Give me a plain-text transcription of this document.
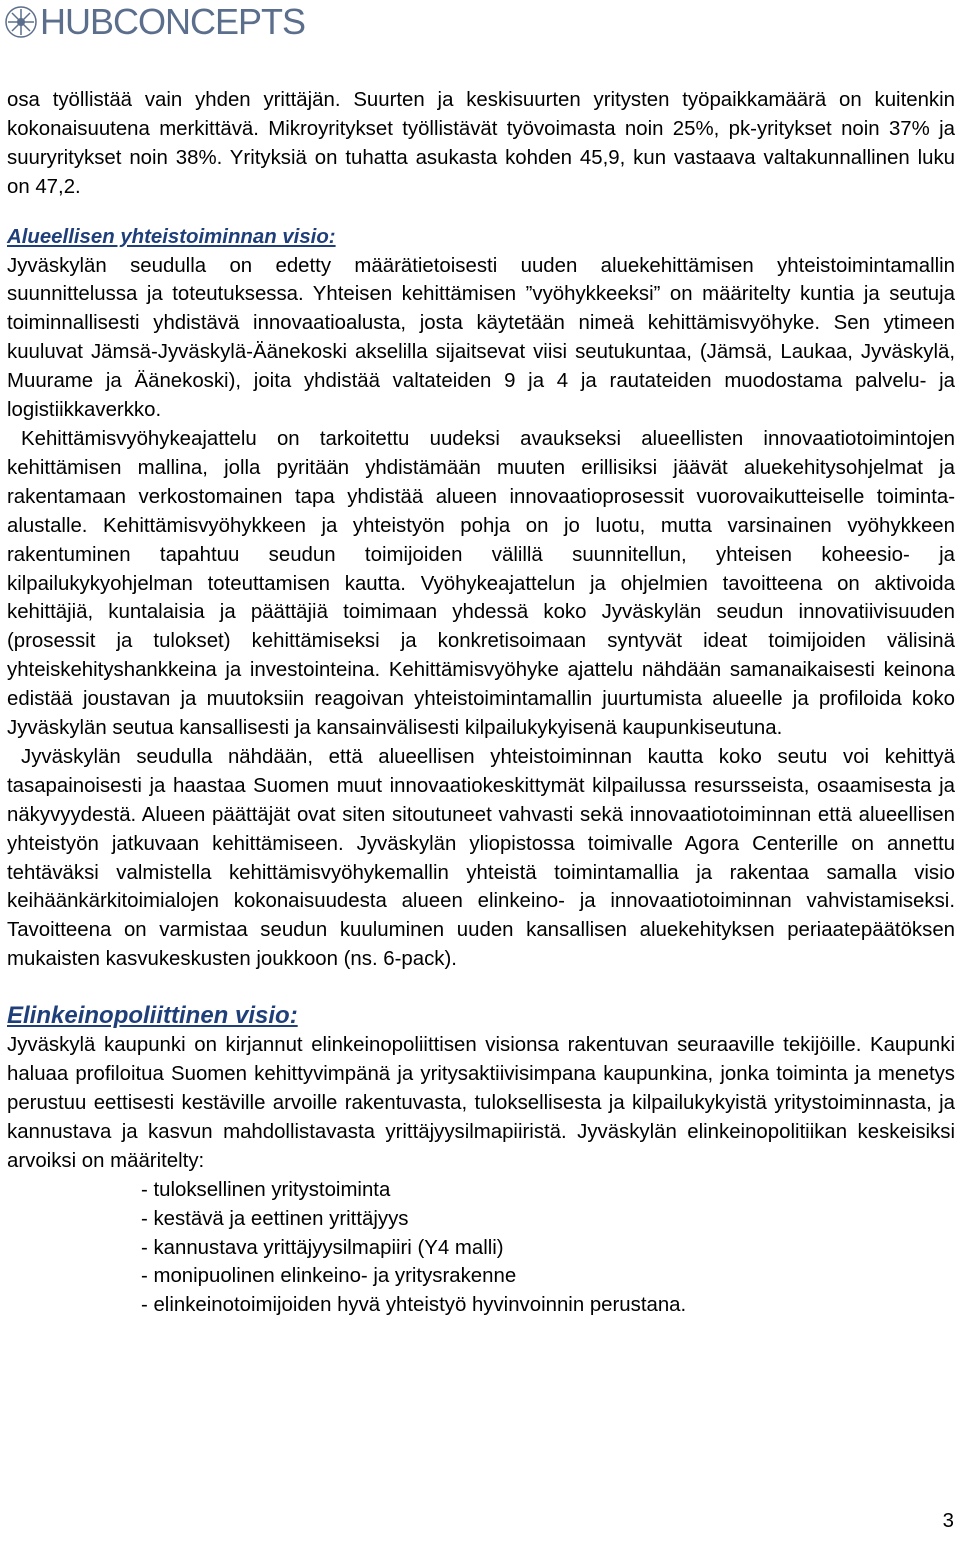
HUBCONCEPTS

osa työllistää vain yhden yrittäjän. Suurten ja keskisuurten yritysten työpaikkamäärä on kuitenkin kokonaisuutena merkittävä. Mikroyritykset työllistävät työvoimasta noin 25%, pk-yritykset noin 37% ja suuryritykset noin 38%. Yrityksiä on tuhatta asukasta kohden 45,9, kun vastaava valtakunnallinen luku on 47,2.

Alueellisen yhteistoiminnan visio:

Jyväskylän seudulla on edetty määrätietoisesti uuden aluekehittämisen yhteistoimintamallin suunnittelussa ja toteutuksessa. Yhteisen kehittämisen ”vyöhykkeeksi” on määritelty kuntia ja seutuja toiminnallisesti yhdistävä innovaatioalusta, josta käytetään nimeä kehittämisvyöhyke. Sen ytimeen kuuluvat Jämsä-Jyväskylä-Äänekoski akselilla sijaitsevat viisi seutukuntaa, (Jämsä, Laukaa, Jyväskylä, Muurame ja Äänekoski), joita yhdistää valtateiden 9 ja 4 ja rautateiden muodostama palvelu- ja logistiikkaverkko.

Kehittämisvyöhykeajattelu on tarkoitettu uudeksi avaukseksi alueellisten innovaatiotoimintojen kehittämisen mallina, jolla pyritään yhdistämään muuten erillisiksi jäävät aluekehitysohjelmat ja rakentamaan verkostomainen tapa yhdistää alueen innovaatioprosessit vuorovaikutteiselle toiminta-alustalle. Kehittämisvyöhykkeen ja yhteistyön pohja on jo luotu, mutta varsinainen vyöhykkeen rakentuminen tapahtuu seudun toimijoiden välillä suunnitellun, yhteisen koheesio- ja kilpailukykyohjelman toteuttamisen kautta. Vyöhykeajattelun ja ohjelmien tavoitteena on aktivoida kehittäjiä, kuntalaisia ja päättäjiä toimimaan yhdessä koko Jyväskylän seudun innovatiivisuuden (prosessit ja tulokset) kehittämiseksi ja konkretisoimaan syntyvät ideat toimijoiden välisinä yhteiskehityshankkeina ja investointeina. Kehittämisvyöhyke ajattelu nähdään samanaikaisesti keinona edistää joustavan ja muutoksiin reagoivan yhteistoimintamallin juurtumista alueelle ja profiloida koko Jyväskylän seutua kansallisesti ja kansainvälisesti kilpailukykyisenä kaupunkiseutuna.

Jyväskylän seudulla nähdään, että alueellisen yhteistoiminnan kautta koko seutu voi kehittyä tasapainoisesti ja haastaa Suomen muut innovaatiokeskittymät kilpailussa resursseista, osaamisesta ja näkyvyydestä. Alueen päättäjät ovat siten sitoutuneet vahvasti sekä innovaatiotoiminnan että alueellisen yhteistyön jatkuvaan kehittämiseen. Jyväskylän yliopistossa toimivalle Agora Centerille on annettu tehtäväksi valmistella kehittämisvyöhykemallin yhteistä toimintamallia ja rakentaa samalla visio keihäänkärkitoimialojen kokonaisuudesta alueen elinkeino- ja innovaatiotoiminnan vahvistamiseksi. Tavoitteena on varmistaa seudun kuuluminen uuden kansallisen aluekehityksen periaatepäätöksen mukaisten kasvukeskusten joukkoon (ns. 6-pack).

Elinkeinopoliittinen visio:

Jyväskylä kaupunki on kirjannut elinkeinopoliittisen visionsa rakentuvan seuraaville tekijöille. Kaupunki haluaa profiloitua Suomen kehittyvimpänä ja yritysaktiivisimpana kaupunkina, jonka toiminta ja menetys perustuu eettisesti kestäville arvoille rakentuvasta, tuloksellisesta ja kilpailukykyistä yritystoiminnasta, ja kannustava ja kasvun mahdollistavasta yrittäjyysilmapiiristä. Jyväskylän elinkeinopolitiikan keskeisiksi arvoiksi on määritelty:

- tuloksellinen yritystoiminta
- kestävä ja eettinen yrittäjyys
- kannustava yrittäjyysilmapiiri (Y4 malli)
- monipuolinen elinkeino- ja yritysrakenne
- elinkeinotoimijoiden hyvä yhteistyö hyvinvoinnin perustana.
3
